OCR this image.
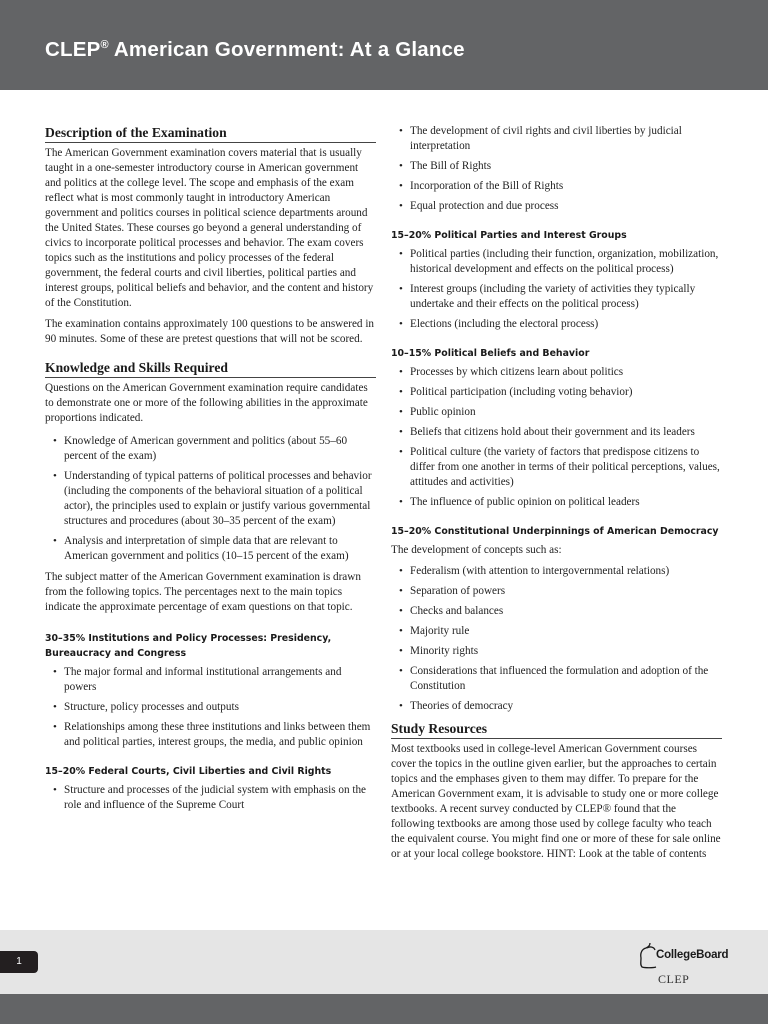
CLEP® American Government: At a Glance
Description of the Examination

The American Government examination covers material that is usually taught in a one-semester introductory course in American government and politics at the college level. The scope and emphasis of the exam reflect what is most commonly taught in introductory American government and politics courses in political science departments around the United States. These courses go beyond a general understanding of civics to incorporate political processes and behavior. The exam covers topics such as the institutions and policy processes of the federal government, the federal courts and civil liberties, political parties and interest groups, political beliefs and behavior, and the content and history of the Constitution.

The examination contains approximately 100 questions to be answered in 90 minutes. Some of these are pretest questions that will not be scored.

Knowledge and Skills Required

Questions on the American Government examination require candidates to demonstrate one or more of the following abilities in the approximate proportions indicated.

• Knowledge of American government and politics (about 55–60 percent of the exam)
• Understanding of typical patterns of political processes and behavior (including the components of the behavioral situation of a political actor), the principles used to explain or justify various governmental structures and procedures (about 30–35 percent of the exam)
• Analysis and interpretation of simple data that are relevant to American government and politics (10–15 percent of the exam)

The subject matter of the American Government examination is drawn from the following topics. The percentages next to the main topics indicate the approximate percentage of exam questions on that topic.

30–35% Institutions and Policy Processes: Presidency, Bureaucracy and Congress
• The major formal and informal institutional arrangements and powers
• Structure, policy processes and outputs
• Relationships among these three institutions and links between them and political parties, interest groups, the media, and public opinion
15–20% Federal Courts, Civil Liberties and Civil Rights
• Structure and processes of the judicial system with emphasis on the role and influence of the Supreme Court
• The development of civil rights and civil liberties by judicial interpretation
• The Bill of Rights
• Incorporation of the Bill of Rights
• Equal protection and due process
15–20% Political Parties and Interest Groups
• Political parties (including their function, organization, mobilization, historical development and effects on the political process)
• Interest groups (including the variety of activities they typically undertake and their effects on the political process)
• Elections (including the electoral process)
10–15% Political Beliefs and Behavior
• Processes by which citizens learn about politics
• Political participation (including voting behavior)
• Public opinion
• Beliefs that citizens hold about their government and its leaders
• Political culture (the variety of factors that predispose citizens to differ from one another in terms of their political perceptions, values, attitudes and activities)
• The influence of public opinion on political leaders
15–20% Constitutional Underpinnings of American Democracy

The development of concepts such as:

• Federalism (with attention to intergovernmental relations)
• Separation of powers
• Checks and balances
• Majority rule
• Minority rights
• Considerations that influenced the formulation and adoption of the Constitution
• Theories of democracy
Study Resources

Most textbooks used in college-level American Government courses cover the topics in the outline given earlier, but the approaches to certain topics and the emphases given to them may differ. To prepare for the American Government exam, it is advisable to study one or more college textbooks. A recent survey conducted by CLEP® found that the following textbooks are among those used by college faculty who teach the equivalent course. You might find one or more of these for sale online or at your local college bookstore. HINT: Look at the table of contents

1
CollegeBoard
CLEP
